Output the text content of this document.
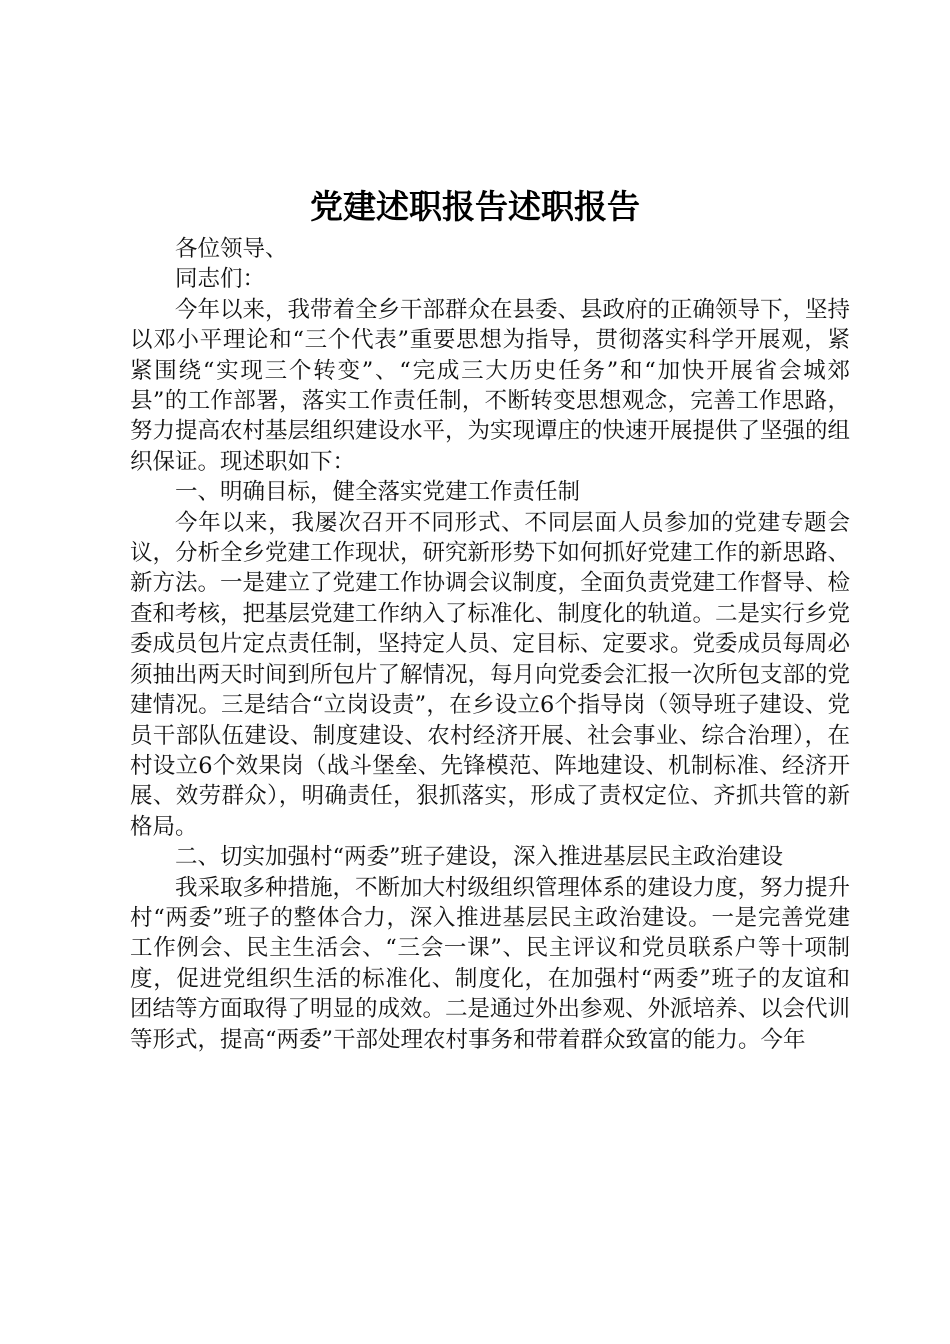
党建述职报告述职报告

各位领导、

同志们：

今年以来，我带着全乡干部群众在县委、县政府的正确领导下，坚持以邓小平理论和“三个代表”重要思想为指导，贯彻落实科学开展观，紧紧围绕“实现三个转变”、“完成三大历史任务”和“加快开展省会城郊县”的工作部署，落实工作责任制，不断转变思想观念，完善工作思路，努力提高农村基层组织建设水平，为实现谭庄的快速开展提供了坚强的组织保证。现述职如下：

一、明确目标，健全落实党建工作责任制

今年以来，我屡次召开不同形式、不同层面人员参加的党建专题会议，分析全乡党建工作现状，研究新形势下如何抓好党建工作的新思路、新方法。一是建立了党建工作协调会议制度，全面负责党建工作督导、检查和考核，把基层党建工作纳入了标准化、制度化的轨道。二是实行乡党委成员包片定点责任制，坚持定人员、定目标、定要求。党委成员每周必须抽出两天时间到所包片了解情况，每月向党委会汇报一次所包支部的党建情况。三是结合“立岗设责”，在乡设立6个指导岗（领导班子建设、党员干部队伍建设、制度建设、农村经济开展、社会事业、综合治理），在村设立6个效果岗（战斗堡垒、先锋模范、阵地建设、机制标准、经济开展、效劳群众），明确责任，狠抓落实，形成了责权定位、齐抓共管的新格局。

二、切实加强村“两委”班子建设，深入推进基层民主政治建设

我采取多种措施，不断加大村级组织管理体系的建设力度，努力提升村“两委”班子的整体合力，深入推进基层民主政治建设。一是完善党建工作例会、民主生活会、“三会一课”、民主评议和党员联系户等十项制度，促进党组织生活的标准化、制度化，在加强村“两委”班子的友谊和团结等方面取得了明显的成效。二是通过外出参观、外派培养、以会代训等形式，提高“两委”干部处理农村事务和带着群众致富的能力。今年
